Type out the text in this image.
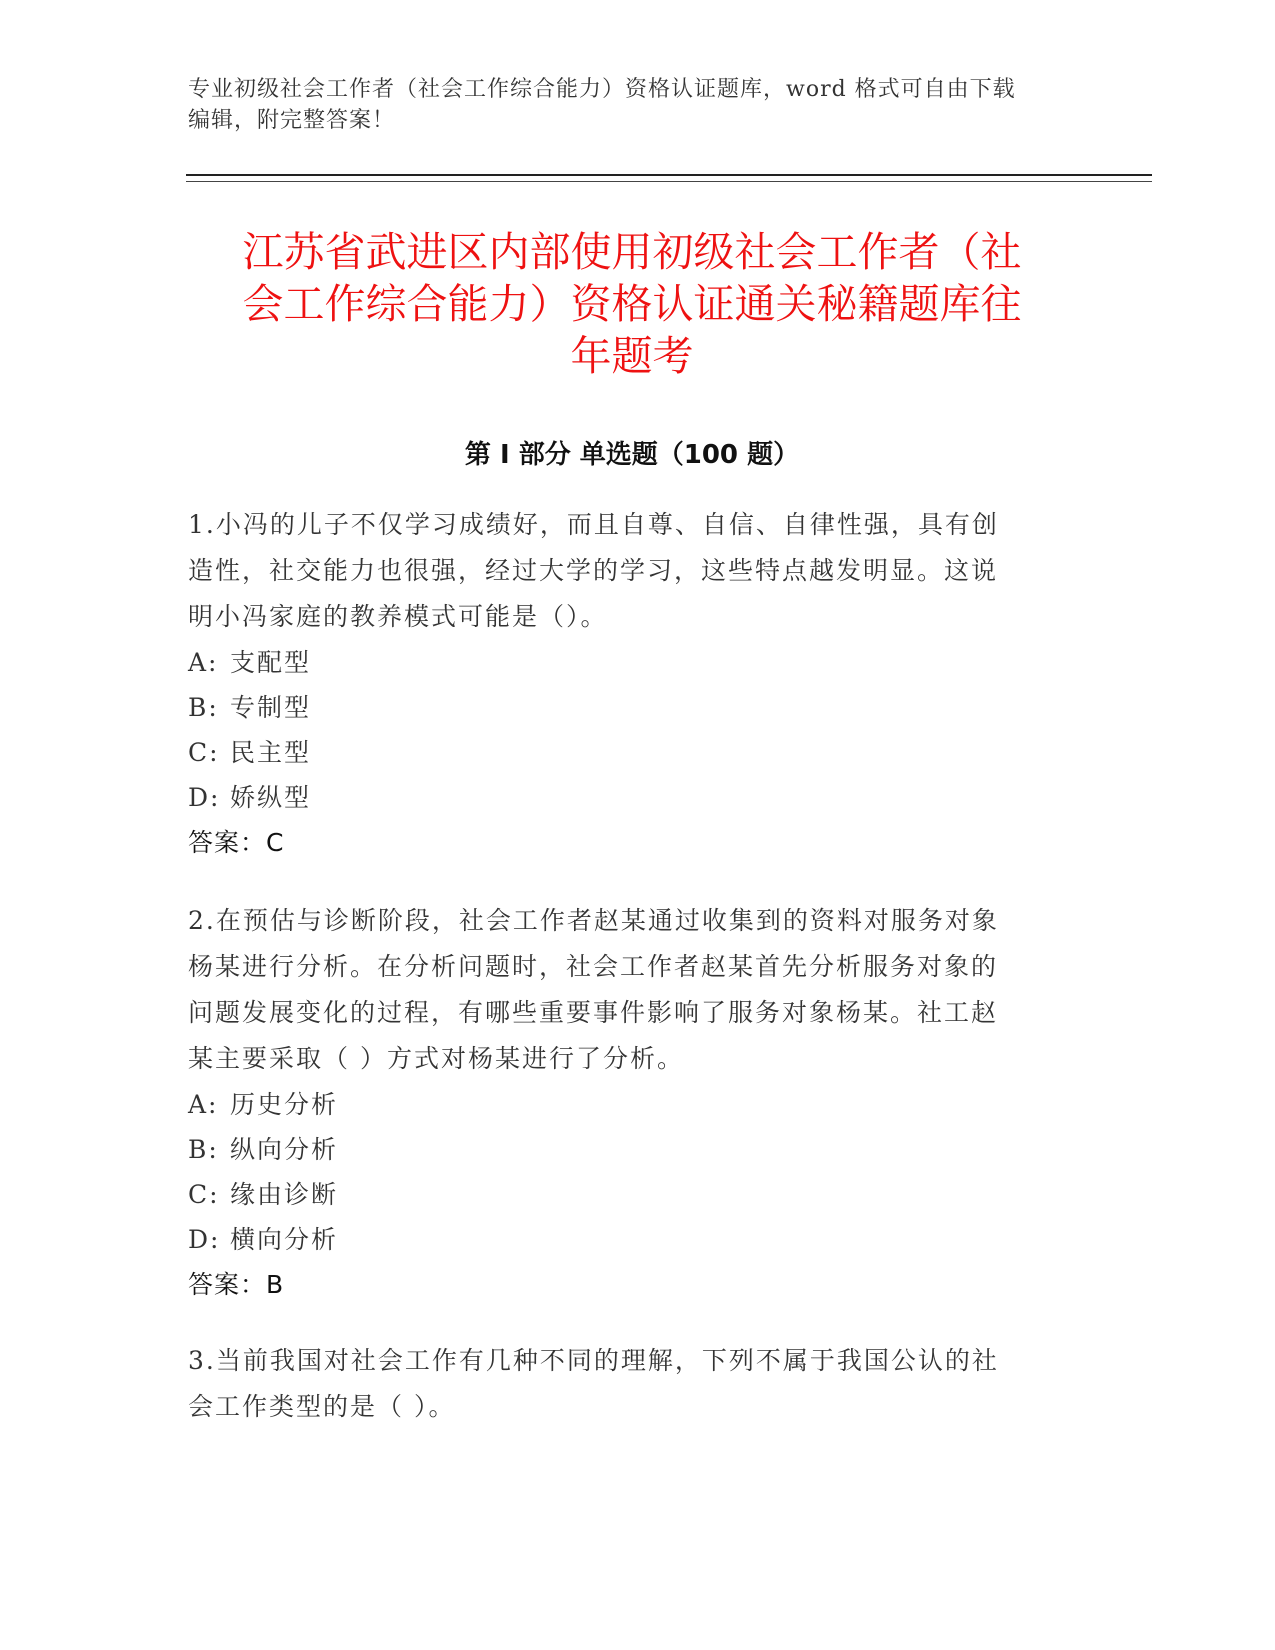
专业初级社会工作者（社会工作综合能力）资格认证题库，word 格式可自由下载
编辑，附完整答案！
江苏省武进区内部使用初级社会工作者（社
会工作综合能力）资格认证通关秘籍题库往
年题考
第 I 部分 单选题（100 题）

1.小冯的儿子不仅学习成绩好，而且自尊、自信、自律性强，具有创
造性，社交能力也很强，经过大学的学习，这些特点越发明显。这说
明小冯家庭的教养模式可能是（）。

A: 支配型

B: 专制型

C: 民主型

D: 娇纵型

答案：C

2.在预估与诊断阶段，社会工作者赵某通过收集到的资料对服务对象
杨某进行分析。在分析问题时，社会工作者赵某首先分析服务对象的
问题发展变化的过程，有哪些重要事件影响了服务对象杨某。社工赵
某主要采取（ ）方式对杨某进行了分析。

A: 历史分析

B: 纵向分析

C: 缘由诊断

D: 横向分析

答案：B

3.当前我国对社会工作有几种不同的理解，下列不属于我国公认的社
会工作类型的是（ ）。
